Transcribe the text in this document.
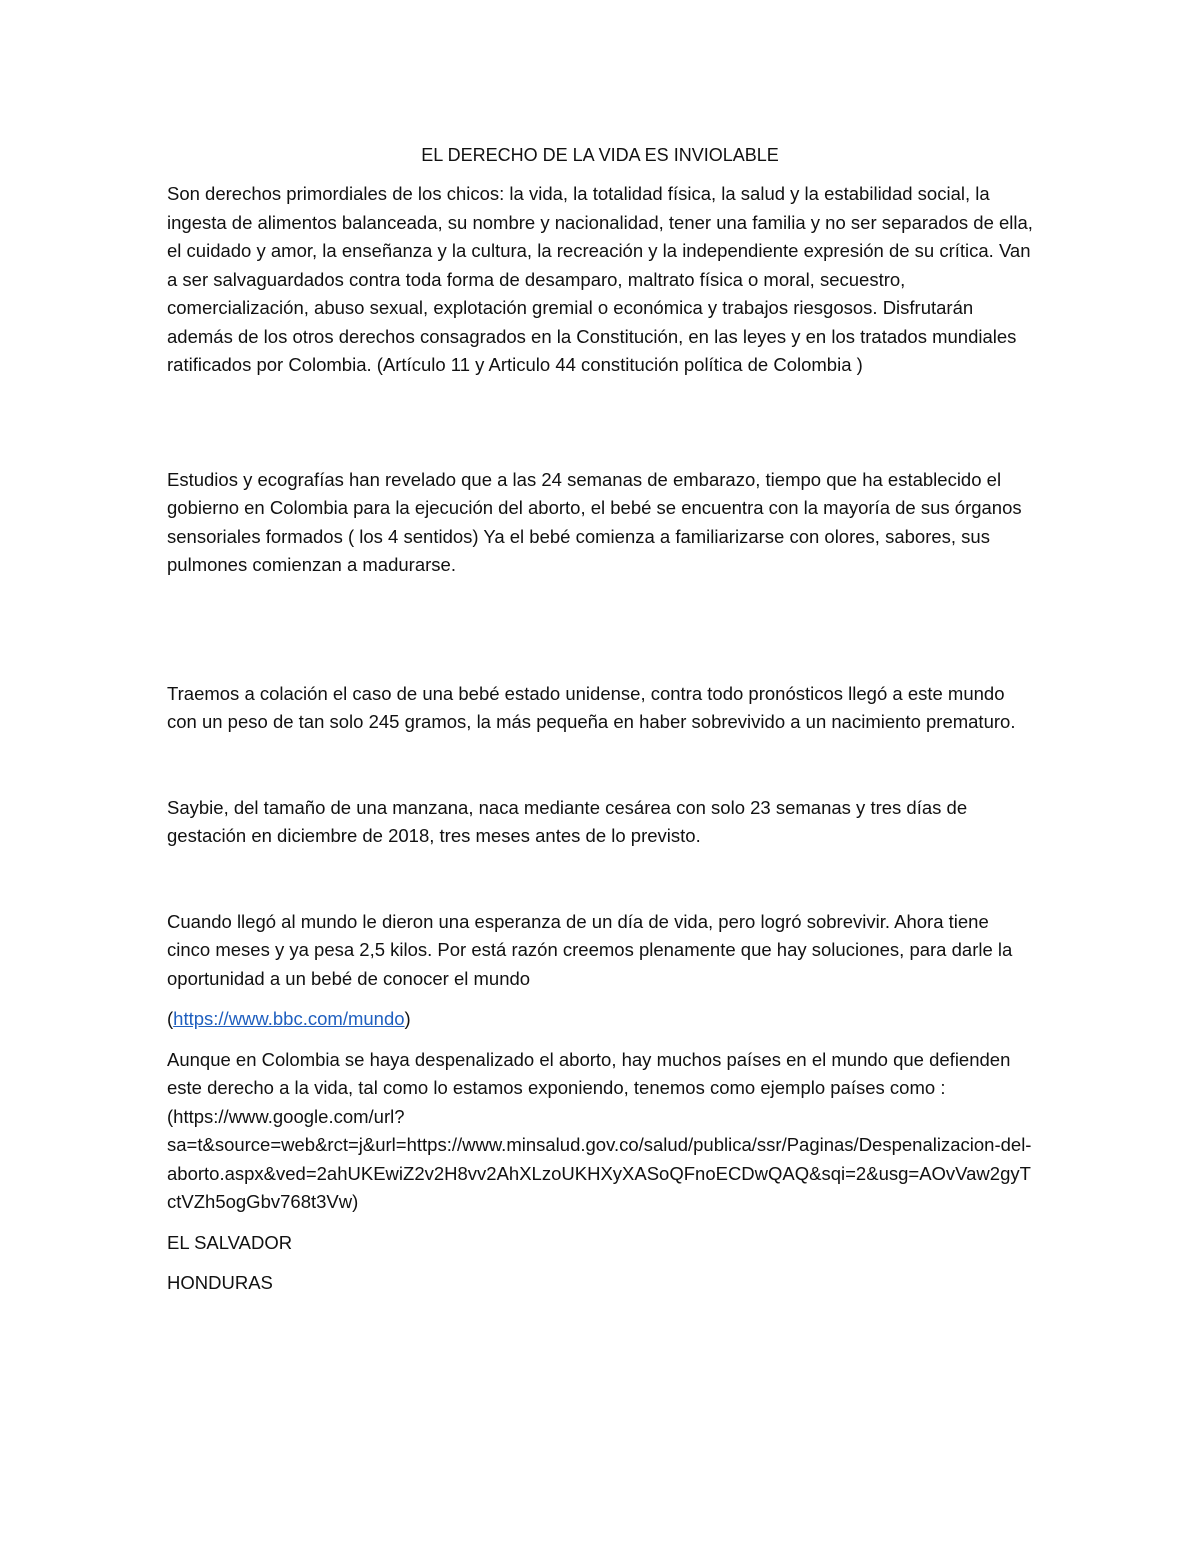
EL DERECHO DE LA VIDA ES INVIOLABLE

Son derechos primordiales de los chicos: la vida, la totalidad física, la salud y la estabilidad social, la ingesta de alimentos balanceada, su nombre y nacionalidad, tener una familia y no ser separados de ella, el cuidado y amor, la enseñanza y la cultura, la recreación y la independiente expresión de su crítica. Van a ser salvaguardados contra toda forma de desamparo, maltrato física o moral, secuestro, comercialización, abuso sexual, explotación gremial o económica y trabajos riesgosos. Disfrutarán además de los otros derechos consagrados en la Constitución, en las leyes y en los tratados mundiales ratificados por Colombia. (Artículo 11 y Articulo 44 constitución política de Colombia )

Estudios y ecografías han revelado que a las 24 semanas de embarazo, tiempo que ha establecido el gobierno en Colombia para la ejecución del aborto, el bebé se encuentra con la mayoría de sus órganos sensoriales formados ( los 4 sentidos) Ya el bebé comienza a familiarizarse con olores, sabores, sus pulmones comienzan a madurarse.

Traemos a colación el caso de una bebé estado unidense, contra todo pronósticos llegó a este mundo con un peso de tan solo 245 gramos, la más pequeña en haber sobrevivido a un nacimiento prematuro.

Saybie, del tamaño de una manzana, naca mediante cesárea con solo 23 semanas y tres días de gestación en diciembre de 2018, tres meses antes de lo previsto.

Cuando llegó al mundo le dieron una esperanza de un día de vida, pero logró sobrevivir. Ahora tiene cinco meses y ya pesa 2,5 kilos. Por está razón creemos plenamente que hay soluciones, para darle la oportunidad a un bebé de conocer el mundo

(https://www.bbc.com/mundo)

Aunque en Colombia se haya despenalizado el aborto, hay muchos países en el mundo que defienden este derecho a la vida, tal como lo estamos exponiendo, tenemos como ejemplo países como : (https://www.google.com/url?
sa=t&source=web&rct=j&url=https://www.minsalud.gov.co/salud/publica/ssr/Paginas/Despenalizacion-del-aborto.aspx&ved=2ahUKEwiZ2v2H8vv2AhXLzoUKHXyXASoQFnoECDwQAQ&sqi=2&usg=AOvVaw2gyTctVZh5ogGbv768t3Vw)

EL SALVADOR

HONDURAS
